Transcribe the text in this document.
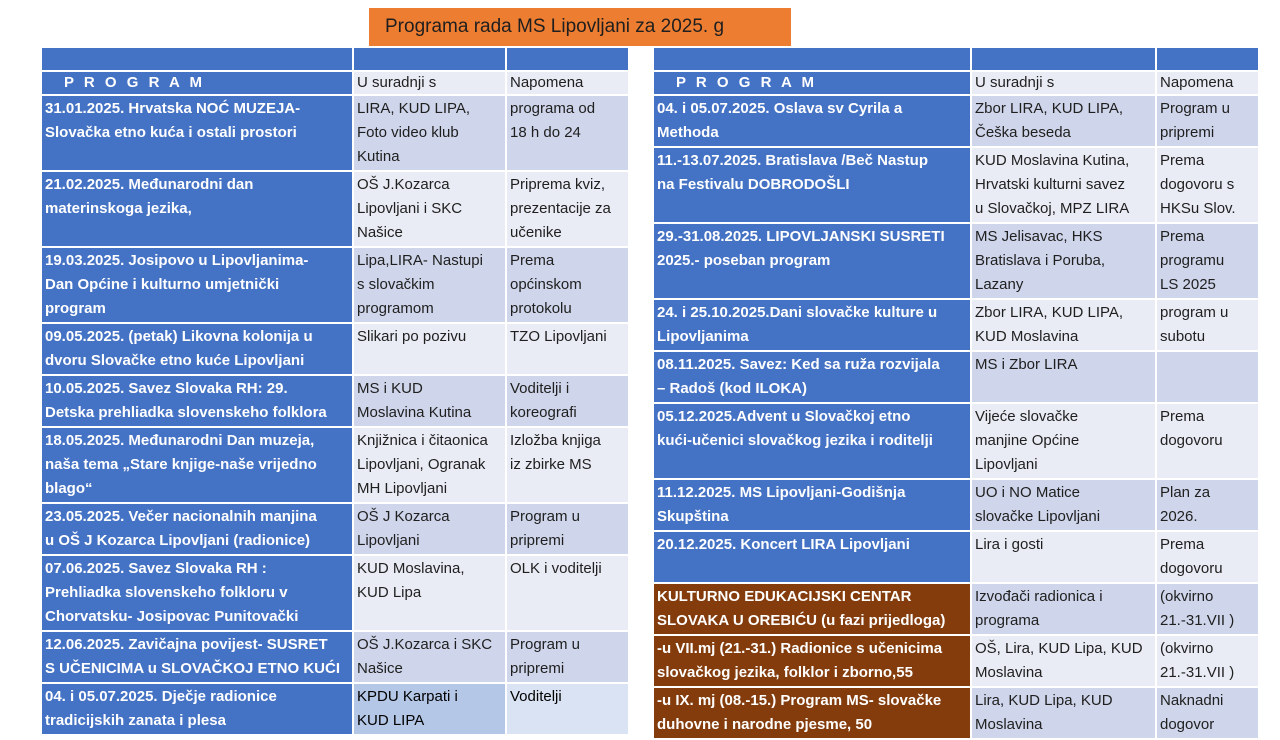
Programa rada MS Lipovljani za 2025. g

P R O G R A M	U suradnji s	Napomena

31.01.2025. Hrvatska NOĆ MUZEJA-
Slovačka etno kuća i ostali prostori	LIRA, KUD LIPA,
Foto video klub
Kutina	programa od
18 h do 24

21.02.2025. Međunarodni dan
materinskoga jezika,	OŠ J.Kozarca
Lipovljani i SKC
Našice	Priprema kviz,
prezentacije za
učenike

19.03.2025. Josipovo u Lipovljanima-
Dan Općine i kulturno umjetnički
program	Lipa,LIRA- Nastupi
s slovačkim
programom	Prema
općinskom
protokolu

09.05.2025. (petak) Likovna kolonija u
dvoru Slovačke etno kuće Lipovljani	Slikari po pozivu	TZO Lipovljani

10.05.2025. Savez Slovaka RH: 29.
Detska prehliadka slovenskeho folklora	MS i KUD
Moslavina Kutina	Voditelji i
koreografi

18.05.2025. Međunarodni Dan muzeja,
naša tema „Stare knjige-naše vrijedno
blago“	Knjižnica i čitaonica
Lipovljani, Ogranak
MH Lipovljani	Izložba knjiga
iz zbirke MS

23.05.2025. Večer nacionalnih manjina
u OŠ J Kozarca Lipovljani (radionice)	OŠ J Kozarca
Lipovljani	Program u
pripremi

07.06.2025. Savez Slovaka RH :
Prehliadka slovenskeho folkloru v
Chorvatsku- Josipovac Punitovački	KUD Moslavina,
KUD Lipa	OLK i voditelji

12.06.2025. Zavičajna povijest- SUSRET
S UČENICIMA u SLOVAČKOJ ETNO KUĆI	OŠ J.Kozarca i SKC
Našice	Program u
pripremi

04. i 05.07.2025. Dječje radionice
tradicijskih zanata i plesa	KPDU Karpati i
KUD LIPA	Voditelji

P R O G R A M	U suradnji s	Napomena

04. i 05.07.2025. Oslava sv Cyrila a
Methoda	Zbor LIRA, KUD LIPA,
Češka beseda	Program u
pripremi

11.-13.07.2025. Bratislava /Beč Nastup
na Festivalu DOBRODOŠLI	KUD Moslavina Kutina,
Hrvatski kulturni savez
u Slovačkoj, MPZ LIRA	Prema
dogovoru s
HKSu Slov.

29.-31.08.2025. LIPOVLJANSKI SUSRETI
2025.- poseban program	MS Jelisavac, HKS
Bratislava i Poruba,
Lazany	Prema
programu
LS 2025

24. i 25.10.2025.Dani slovačke kulture u
Lipovljanima	Zbor LIRA, KUD LIPA,
KUD Moslavina	program u
subotu

08.11.2025. Savez: Ked sa ruža rozvijala
– Radoš (kod ILOKA)	MS i Zbor LIRA	

05.12.2025.Advent u Slovačkoj etno
kući-učenici slovačkog jezika i roditelji	Vijeće slovačke
manjine Općine
Lipovljani	Prema
dogovoru

11.12.2025. MS Lipovljani-Godišnja
Skupština	UO i NO Matice
slovačke Lipovljani	Plan za
2026.

20.12.2025. Koncert LIRA Lipovljani	Lira i gosti	Prema
dogovoru

KULTURNO EDUKACIJSKI CENTAR
SLOVAKA U OREBIĆU (u fazi prijedloga)	Izvođači radionica i
programa	(okvirno
21.-31.VII )

-u VII.mj (21.-31.) Radionice s učenicima
slovačkog jezika, folklor i zborno,55	OŠ, Lira, KUD Lipa, KUD
Moslavina	(okvirno
21.-31.VII )

-u IX. mj (08.-15.) Program MS- slovačke
duhovne i narodne pjesme, 50	Lira, KUD Lipa, KUD
Moslavina	Naknadni
dogovor
